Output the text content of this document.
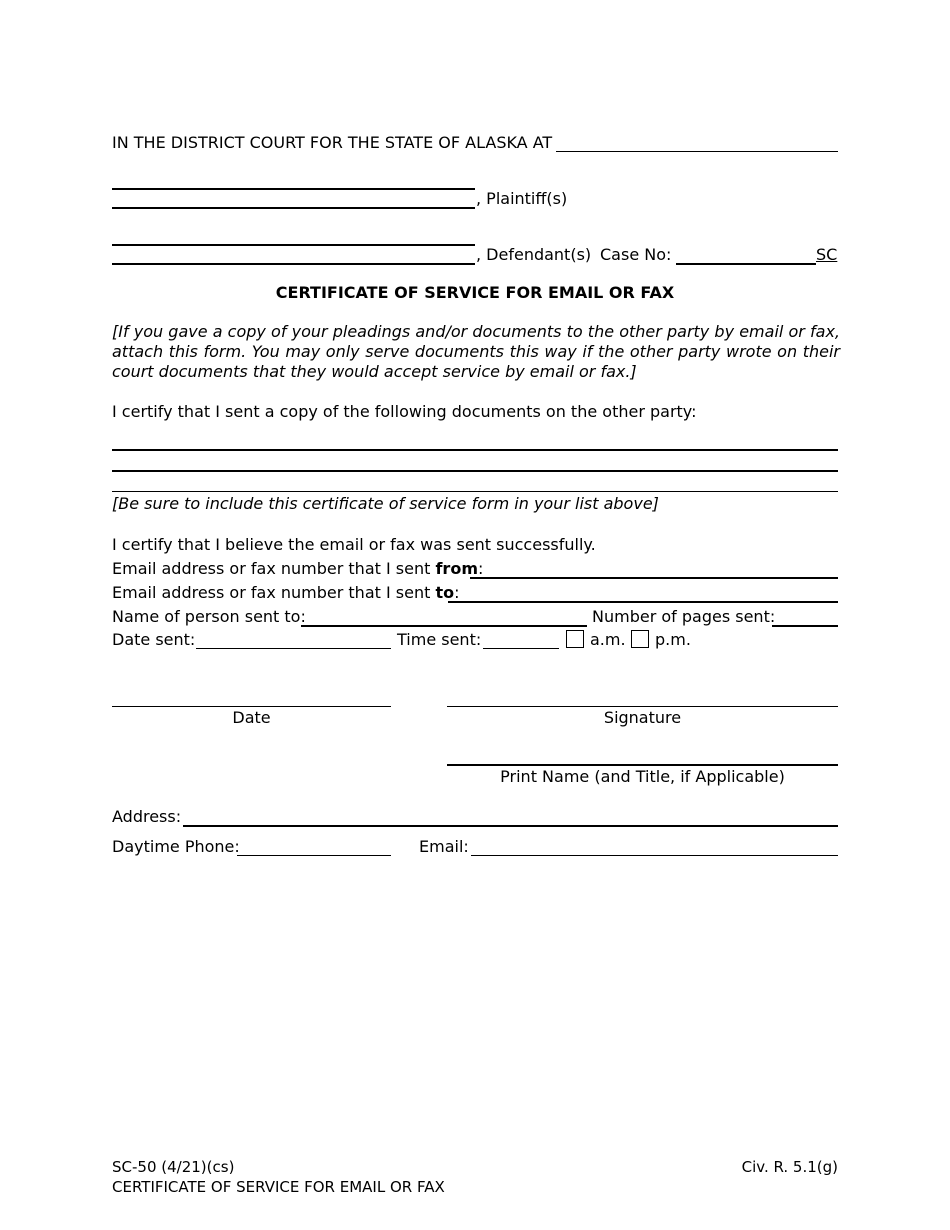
IN THE DISTRICT COURT FOR THE STATE OF ALASKA AT
, Plaintiff(s)
, Defendant(s) Case No:	SC
CERTIFICATE OF SERVICE FOR EMAIL OR FAX
[If you gave a copy of your pleadings and/or documents to the other party by email or fax, attach this form. You may only serve documents this way if the other party wrote on their court documents that they would accept service by email or fax.]
I certify that I sent a copy of the following documents on the other party:
[Be sure to include this certificate of service form in your list above]
I certify that I believe the email or fax was sent successfully.
Email address or fax number that I sent from:
Email address or fax number that I sent to:
Name of person sent to:	Number of pages sent:
Date sent:	Time sent:	a.m. p.m.
Date	Signature
Print Name (and Title, if Applicable)
Address:
Daytime Phone:	Email:
SC-50 (4/21)(cs)
CERTIFICATE OF SERVICE FOR EMAIL OR FAX
Civ. R. 5.1(g)
